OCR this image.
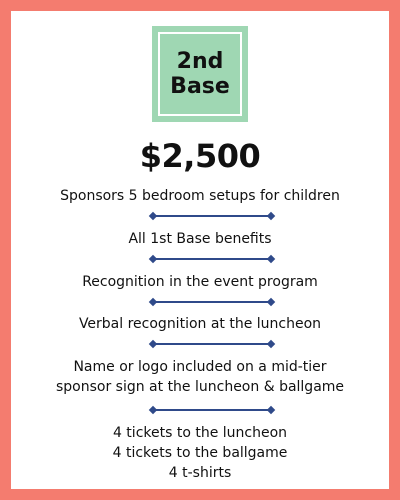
2nd
Base
$2,500
Sponsors 5 bedroom setups for children
All 1st Base benefits
Recognition in the event program
Verbal recognition at the luncheon
Name or logo included on a mid-tier
sponsor sign at the luncheon & ballgame
4 tickets to the luncheon
4 tickets to the ballgame
4 t-shirts
